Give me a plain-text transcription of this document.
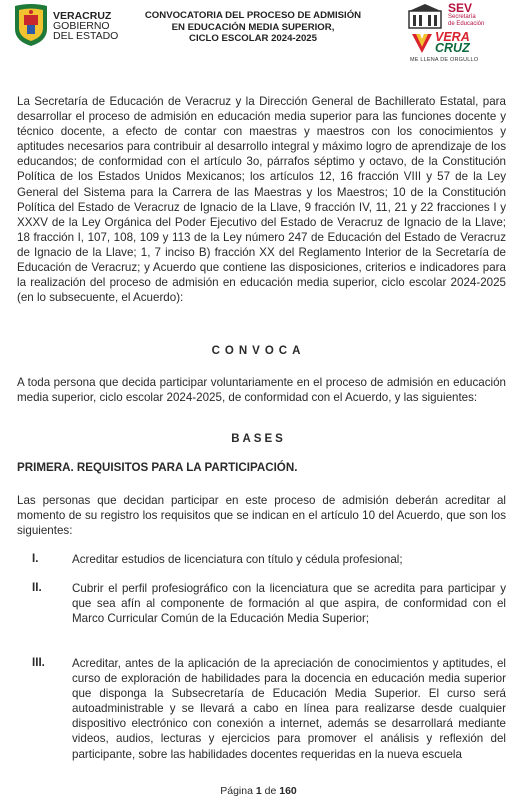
VERACRUZ
GOBIERNO
DEL ESTADO
CONVOCATORIA DEL PROCESO DE ADMISIÓN
EN EDUCACIÓN MEDIA SUPERIOR,
CICLO ESCOLAR 2024-2025
SEV
Secretaría
de Educación
VERA
CRUZ
ME LLENA DE ORGULLO
La Secretaría de Educación de Veracruz y la Dirección General de Bachillerato Estatal, para desarrollar el proceso de admisión en educación media superior para las funciones docente y técnico docente, a efecto de contar con maestras y maestros con los conocimientos y aptitudes necesarios para contribuir al desarrollo integral y máximo logro de aprendizaje de los educandos; de conformidad con el artículo 3o, párrafos séptimo y octavo, de la Constitución Política de los Estados Unidos Mexicanos; los artículos 12, 16 fracción VIII y 57 de la Ley General del Sistema para la Carrera de las Maestras y los Maestros; 10 de la Constitución Política del Estado de Veracruz de Ignacio de la Llave, 9 fracción IV, 11, 21 y 22 fracciones I y XXXV de la Ley Orgánica del Poder Ejecutivo del Estado de Veracruz de Ignacio de la Llave; 18 fracción I, 107, 108, 109 y 113 de la Ley número 247 de Educación del Estado de Veracruz de Ignacio de la Llave; 1, 7 inciso B) fracción XX del Reglamento Interior de la Secretaría de Educación de Veracruz; y Acuerdo que contiene las disposiciones, criterios e indicadores para la realización del proceso de admisión en educación media superior, ciclo escolar 2024-2025 (en lo subsecuente, el Acuerdo):
CONVOCA
A toda persona que decida participar voluntariamente en el proceso de admisión en educación media superior, ciclo escolar 2024-2025, de conformidad con el Acuerdo, y las siguientes:
BASES
PRIMERA. REQUISITOS PARA LA PARTICIPACIÓN.
Las personas que decidan participar en este proceso de admisión deberán acreditar al momento de su registro los requisitos que se indican en el artículo 10 del Acuerdo, que son los siguientes:
I.	Acreditar estudios de licenciatura con título y cédula profesional;
II.	Cubrir el perfil profesiográfico con la licenciatura que se acredita para participar y que sea afín al componente de formación al que aspira, de conformidad con el Marco Curricular Común de la Educación Media Superior;
III. Acreditar, antes de la aplicación de la apreciación de conocimientos y aptitudes, el curso de exploración de habilidades para la docencia en educación media superior que disponga la Subsecretaría de Educación Media Superior. El curso será autoadministrable y se llevará a cabo en línea para realizarse desde cualquier dispositivo electrónico con conexión a internet, además se desarrollará mediante videos, audios, lecturas y ejercicios para promover el análisis y reflexión del participante, sobre las habilidades docentes requeridas en la nueva escuela
Página 1 de 160
